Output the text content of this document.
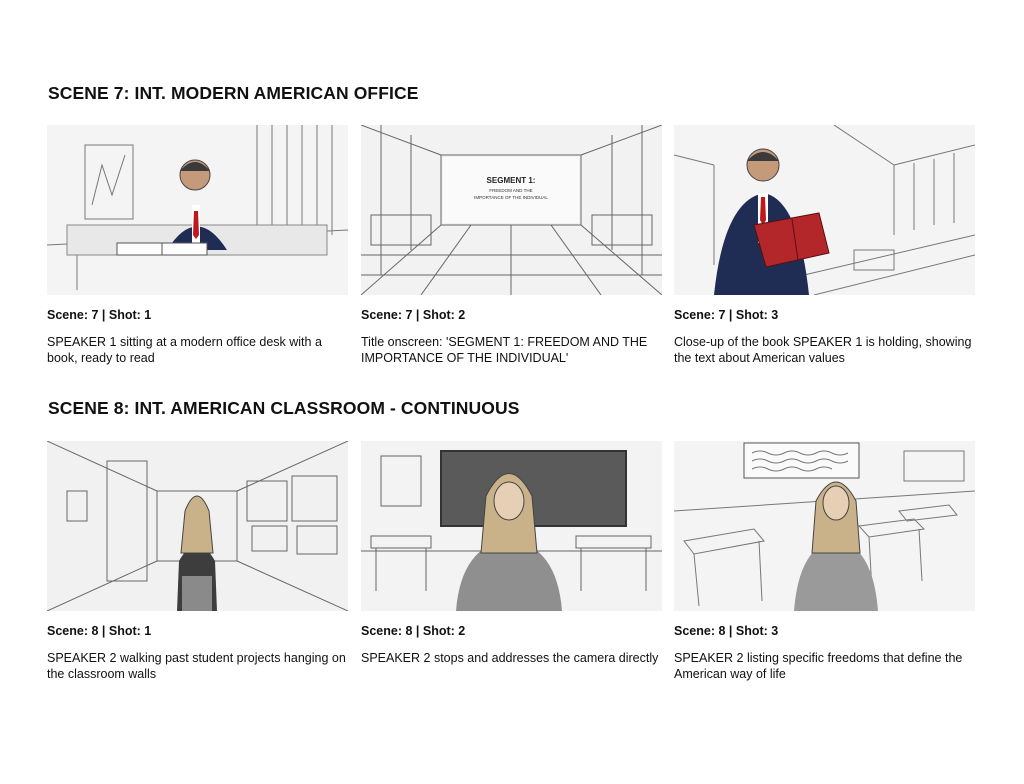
SCENE 7: INT. MODERN AMERICAN OFFICE
Scene: 7 | Shot: 1
SPEAKER 1 sitting at a modern office desk with a book, ready to read
SEGMENT 1:
FREEDOM AND THE
IMPORTANCE OF THE INDIVIDUAL
Scene: 7 | Shot: 2
Title onscreen: 'SEGMENT 1: FREEDOM AND THE IMPORTANCE OF THE INDIVIDUAL'
Scene: 7 | Shot: 3
Close-up of the book SPEAKER 1 is holding, showing the text about American values
SCENE 8: INT. AMERICAN CLASSROOM - CONTINUOUS
Scene: 8 | Shot: 1
SPEAKER 2 walking past student projects hanging on the classroom walls
Scene: 8 | Shot: 2
SPEAKER 2 stops and addresses the camera directly
Scene: 8 | Shot: 3
SPEAKER 2 listing specific freedoms that define the American way of life
